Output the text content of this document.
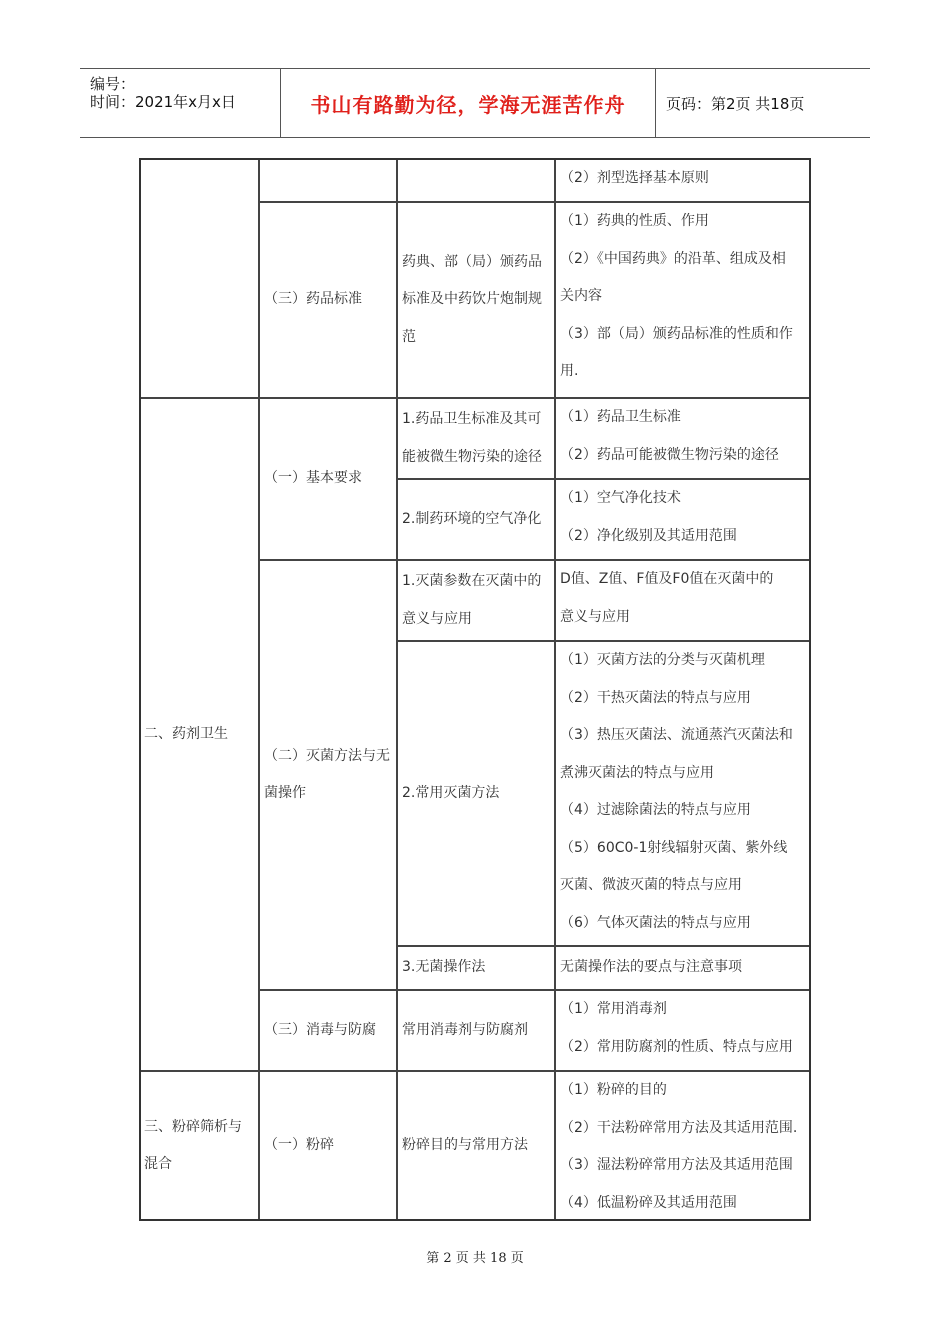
编号：
时间：2021年x月x日	书山有路勤为径，学海无涯苦作舟	页码：第2页 共18页
二、药剂卫生
三、粉碎筛析与
混合
（三）药品标准
（一）基本要求
（二）灭菌方法与无
菌操作
（三）消毒与防腐
（一）粉碎
药典、部（局）颁药品
标准及中药饮片炮制规
范
1.药品卫生标准及其可
能被微生物污染的途径
2.制药环境的空气净化
1.灭菌参数在灭菌中的
意义与应用
2.常用灭菌方法
3.无菌操作法
常用消毒剂与防腐剂
粉碎目的与常用方法
（2）剂型选择基本原则
（1）药典的性质、作用
（2）《中国药典》的沿革、组成及相
关内容
（3）部（局）颁药品标准的性质和作
用.
（1）药品卫生标准
（2）药品可能被微生物污染的途径
（1）空气净化技术
（2）净化级别及其适用范围
D值、Z值、F值及F0值在灭菌中的
意义与应用
（1）灭菌方法的分类与灭菌机理
（2）干热灭菌法的特点与应用
（3）热压灭菌法、流通蒸汽灭菌法和
煮沸灭菌法的特点与应用
（4）过滤除菌法的特点与应用
（5）60C0-1射线辐射灭菌、紫外线
灭菌、微波灭菌的特点与应用
（6）气体灭菌法的特点与应用
无菌操作法的要点与注意事项
（1）常用消毒剂
（2）常用防腐剂的性质、特点与应用
（1）粉碎的目的
（2）干法粉碎常用方法及其适用范围.
（3）湿法粉碎常用方法及其适用范围
（4）低温粉碎及其适用范围
第 2 页 共 18 页
